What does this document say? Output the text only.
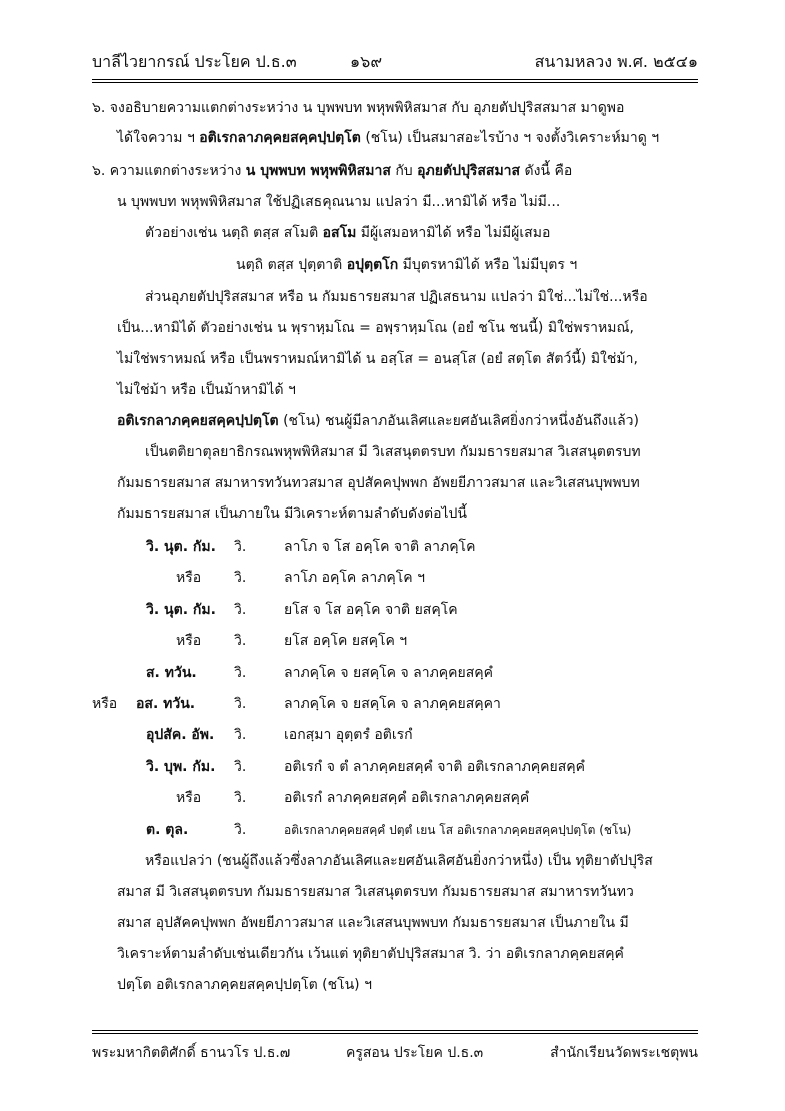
บาลีไวยากรณ์ ประโยค ป.ธ.๓	๑๖๙	สนามหลวง พ.ศ. ๒๕๔๑
๖. จงอธิบายความแตกต่างระหว่าง น บุพพบท พหุพพิหิสมาส กับ อุภยตัปปุริสสมาส มาดูพอ
ได้ใจความ ฯ อติเรกลาภคฺคยสคฺคปฺปตฺโต (ชโน) เป็นสมาสอะไรบ้าง ฯ จงตั้งวิเคราะห์มาดู ฯ
๖. ความแตกต่างระหว่าง น บุพพบท พหุพพิหิสมาส กับ อุภยตัปปุริสสมาส ดังนี้ คือ
น บุพพบท พหุพพิหิสมาส ใช้ปฏิเสธคุณนาม แปลว่า มี...หามิได้ หรือ ไม่มี...
ตัวอย่างเช่น นตฺถิ ตสฺส สโมติ อสโม มีผู้เสมอหามิได้ หรือ ไม่มีผู้เสมอ
นตฺถิ ตสฺส ปุตฺตาติ อปุตฺตโก มีบุตรหามิได้ หรือ ไม่มีบุตร ฯ
ส่วนอุภยตัปปุริสสมาส หรือ น กัมมธารยสมาส ปฏิเสธนาม แปลว่า มิใช่...ไม่ใช่...หรือ
เป็น...หามิได้ ตัวอย่างเช่น น พฺราหฺมโณ = อพฺราหฺมโณ (อยํ ชโน ชนนี้) มิใช่พราหมณ์,
ไม่ใช่พราหมณ์ หรือ เป็นพราหมณ์หามิได้ น อสฺโส = อนสฺโส (อยํ สตฺโต สัตว์นี้) มิใช่ม้า,
ไม่ใช่ม้า หรือ เป็นม้าหามิได้ ฯ
อติเรกลาภคฺคยสคฺคปฺปตฺโต (ชโน) ชนผู้มีลาภอันเลิศและยศอันเลิศยิ่งกว่าหนึ่งอันถึงแล้ว)
เป็นตติยาตุลยาธิกรณพหุพพิหิสมาส มี วิเสสนุตตรบท กัมมธารยสมาส วิเสสนุตตรบท
กัมมธารยสมาส สมาหารทวันทวสมาส อุปสัคคปุพพก อัพยยีภาวสมาส และวิเสสนบุพพบท
กัมมธารยสมาส เป็นภายใน มีวิเคราะห์ตามลำดับดังต่อไปนี้
วิ. นุต. กัม. วิ.	ลาโภ จ โส อคฺโค จาติ ลาภคฺโค
หรือ วิ.	ลาโภ อคฺโค ลาภคฺโค ฯ
วิ. นุต. กัม. วิ.	ยโส จ โส อคฺโค จาติ ยสคฺโค
หรือ วิ.	ยโส อคฺโค ยสคฺโค ฯ
ส. ทวัน.	วิ.	ลาภคฺโค จ ยสคฺโค จ ลาภคฺคยสคฺคํ
หรือ อส. ทวัน.	วิ.	ลาภคฺโค จ ยสคฺโค จ ลาภคฺคยสคฺคา
อุปสัค. อัพ. วิ.	เอกสฺมา อุตฺตรํ อติเรกํ
วิ. บุพ. กัม. วิ.	อติเรกํ จ ตํ ลาภคฺคยสคฺคํ จาติ อติเรกลาภคฺคยสคฺคํ
หรือ วิ.	อติเรกํ ลาภคฺคยสคฺคํ อติเรกลาภคฺคยสคฺคํ
ต. ตุล.	วิ.	อติเรกลาภคฺคยสคฺคํ ปตฺตํ เยน โส อติเรกลาภคฺคยสคฺคปฺปตฺโต (ชโน)
หรือแปลว่า (ชนผู้ถึงแล้วซึ่งลาภอันเลิศและยศอันเลิศอันยิ่งกว่าหนึ่ง) เป็น ทุติยาตัปปุริส
สมาส มี วิเสสนุตตรบท กัมมธารยสมาส วิเสสนุตตรบท กัมมธารยสมาส สมาหารทวันทว
สมาส อุปสัคคปุพพก อัพยยีภาวสมาส และวิเสสนบุพพบท กัมมธารยสมาส เป็นภายใน มี
วิเคราะห์ตามลำดับเช่นเดียวกัน เว้นแต่ ทุติยาตัปปุริสสมาส วิ. ว่า อติเรกลาภคฺคยสคฺคํ
ปตฺโต อติเรกลาภคฺคยสคฺคปฺปตฺโต (ชโน) ฯ
พระมหากิตติศักดิ์ ธานวโร ป.ธ.๗	ครูสอน ประโยค ป.ธ.๓	สำนักเรียนวัดพระเชตุพน
